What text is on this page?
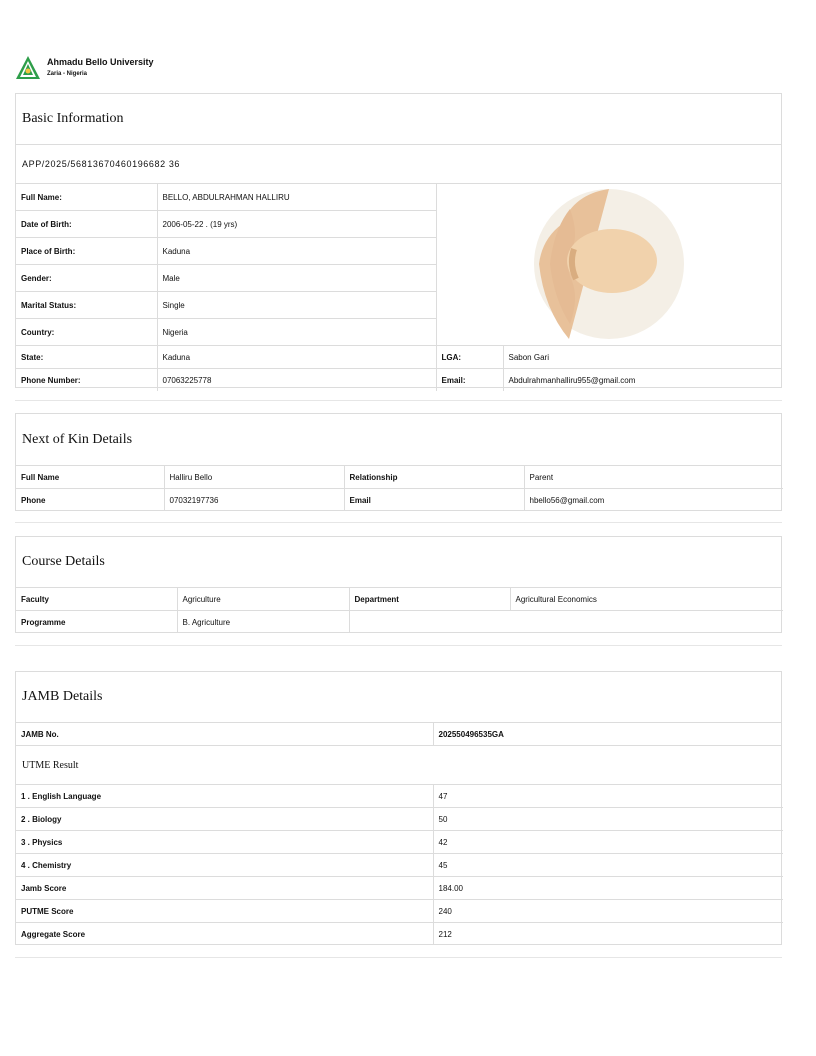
Ahmadu Bello University
Zaria - Nigeria
Basic Information
APP/2025/56813670460196682 36
Full Name:	BELLO, ABDULRAHMAN HALLIRU	
Date of Birth:	2006-05-22 . (19 yrs)		
Place of Birth:	Kaduna		
Gender:	Male		
Marital Status:	Single		
Country:	Nigeria		
State:	Kaduna	LGA:	Sabon Gari
Phone Number:	07063225778	Email:	Abdulrahmanhalliru955@gmail.com
Next of Kin Details
Full Name	Halliru Bello	Relationship	Parent
Phone	07032197736	Email	hbello56@gmail.com
Course Details
Faculty	Agriculture	Department	Agricultural Economics
Programme	B. Agriculture		
JAMB Details
JAMB No.	202550496535GA
UTME Result
1 . English Language	47
2 . Biology	50
3 . Physics	42
4 . Chemistry	45
Jamb Score	184.00
PUTME Score	240
Aggregate Score	212
